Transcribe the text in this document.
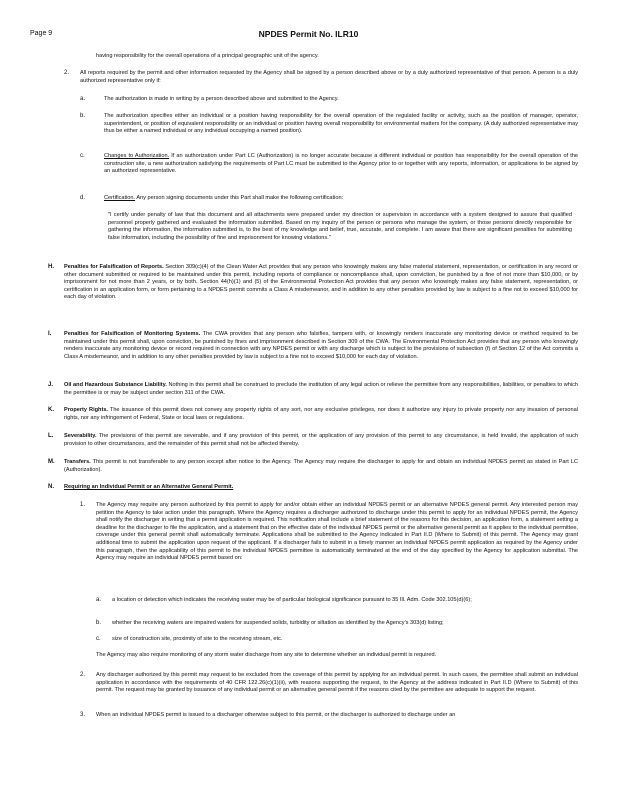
Page 9	NPDES Permit No. ILR10
having responsibility for the overall operations of a principal geographic unit of the agency.
2. All reports required by the permit and other information requested by the Agency shall be signed by a person described above or by a duly authorized representative of that person. A person is a duly authorized representative only if:
a.	The authorization is made in writing by a person described above and submitted to the Agency.
b.	The authorization specifies either an individual or a position having responsibility for the overall operation of the regulated facility or activity, such as the position of manager, operator, superintendent, or position of equivalent responsibility or an individual or position having overall responsibility for environmental matters for the company. (A duly authorized representative may thus be either a named individual or any individual occupying a named position).
c.	Changes to Authorization. If an authorization under Part LC (Authorization) is no longer accurate because a different individual or position has responsibility for the overall operation of the construction site, a new authorization satisfying the requirements of Part LC must be submitted to the Agency prior to or together with any reports, information, or applications to be signed by an authorized representative.
d.	Certification. Any person signing documents under this Part shall make the following certification:
"I certify under penalty of law that this document and all attachments were prepared under my direction or supervision in accordance with a system designed to assure that qualified personnel properly gathered and evaluated the information submitted. Based on my inquiry of the person or persons who manage the system, or those persons directly responsible for gathering the information, the information submitted is, to the best of my knowledge and belief, true, accurate, and complete. I am aware that there are significant penalties for submitting false information, including the possibility of fine and imprisonment for knowing violations."
H. Penalties for Falsification of Reports. Section 309(c)(4) of the Clean Water Act provides that any person who knowingly makes any false material statement, representation, or certification in any record or other document submitted or required to be maintained under this permit, including reports of compliance or noncompliance shall, upon conviction, be punished by a fine of not more than $10,000, or by imprisonment for not more than 2 years, or by both. Section 44(h)(1) and (5) of the Environmental Protection Act provides that any person who knowingly makes any false statement, representation, or certification in an application form, or form pertaining to a NPDES permit commits a Class A misdemeanor, and in addition to any other penalties provided by law is subject to a fine not to exceed $10,000 for each day of violation.
I. Penalties for Falsification of Monitoring Systems. The CWA provides that any person who falsifies, tampers with, or knowingly renders inaccurate any monitoring device or method required to be maintained under this permit shall, upon conviction, be punished by fines and imprisonment described in Section 309 of the CWA. The Environmental Protection Act provides that any person who knowingly renders inaccurate any monitoring device or record required in connection with any NPDES permit or with any discharge which is subject to the provisions of subsection (f) of Section 12 of the Act commits a Class A misdemeanor, and in addition to any other penalties provided by law is subject to a fine not to exceed $10,000 for each day of violation.
J. Oil and Hazardous Substance Liability. Nothing in this permit shall be construed to preclude the institution of any legal action or relieve the permittee from any responsibilities, liabilities, or penalties to which the permittee is or may be subject under section 311 of the CWA.
K. Property Rights. The issuance of this permit does not convey any property rights of any sort, nor any exclusive privileges, nor does it authorize any injury to private property nor any invasion of personal rights, nor any infringement of Federal, State or local laws or regulations.
L. Severability. The provisions of this permit are severable, and if any provision of this permit, or the application of any provision of this permit to any circumstance, is held invalid, the application of such provision to other circumstances, and the remainder of this permit shall not be affected thereby.
M. Transfers. This permit is not transferable to any person except after notice to the Agency. The Agency may require the discharger to apply for and obtain an individual NPDES permit as stated in Part LC (Authorization).
N. Requiring an Individual Permit or an Alternative General Permit.
1. The Agency may require any person authorized by this permit to apply for and/or obtain either an individual NPDES permit or an alternative NPDES general permit. Any interested person may petition the Agency to take action under this paragraph. Where the Agency requires a discharger authorized to discharge under this permit to apply for an individual NPDES permit, the Agency shall notify the discharger in writing that a permit application is required. This notification shall include a brief statement of the reasons for this decision, an application form, a statement setting a deadline for the discharger to file the application, and a statement that on the effective date of the individual NPDES permit or the alternative general permit as it applies to the individual permittee, coverage under this general permit shall automatically terminate. Applications shall be submitted to the Agency indicated in Part II.D (Where to Submit) of this permit. The Agency may grant additional time to submit the application upon request of the applicant. If a discharger fails to submit in a timely manner an individual NPDES permit application as required by the Agency under this paragraph, then the applicability of this permit to the individual NPDES permittee is automatically terminated at the end of the day specified by the Agency for application submittal. The Agency may require an individual NPDES permit based on:
a. a location or detection which indicates the receiving water may be of particular biological significance pursuant to 35 Ill. Adm. Code 302.105(d)(6);
b. whether the receiving waters are impaired waters for suspended solids, turbidity or siltation as identified by the Agency's 303(d) listing;
c. size of construction site, proximity of site to the receiving stream, etc.
The Agency may also require monitoring of any storm water discharge from any site to determine whether an individual permit is required.
2. Any discharger authorized by this permit may request to be excluded from the coverage of this permit by applying for an individual permit. In such cases, the permittee shall submit an individual application in accordance with the requirements of 40 CFR 122.26(c)(1)(ii), with reasons supporting the request, to the Agency at the address indicated in Part II.D (Where to Submit) of this permit. The request may be granted by issuance of any individual permit or an alternative general permit if the reasons cited by the permittee are adequate to support the request.
3. When an individual NPDES permit is issued to a discharger otherwise subject to this permit, or the discharger is authorized to discharge under an
